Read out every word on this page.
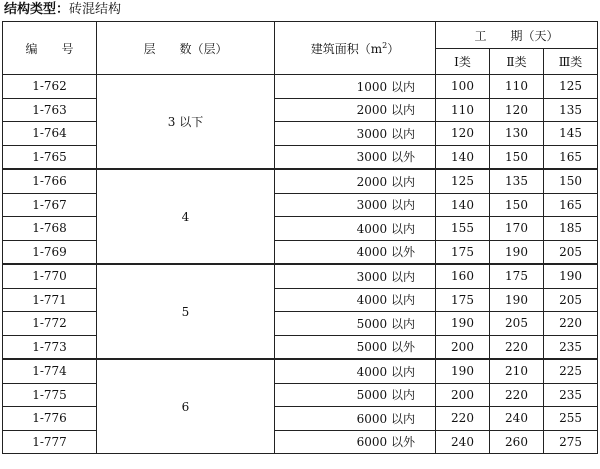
结构类型：砖混结构
编　　号	层　　数（层）	建筑面积$(m^2)$	工　　期（天）		
			Ⅰ类	Ⅱ类	Ⅲ类
1-762	3 以下	1000 以内	100	110	125
1-763		2000 以内	110	120	135
1-764		3000 以内	120	130	145
1-765		3000 以外	140	150	165
1-766	4	2000 以内	125	135	150
1-767		3000 以内	140	150	165
1-768		4000 以内	155	170	185
1-769		4000 以外	175	190	205
1-770	5	3000 以内	160	175	190
1-771		4000 以内	175	190	205
1-772		5000 以内	190	205	220
1-773		5000 以外	200	220	235
1-774	6	4000 以内	190	210	225
1-775		5000 以内	200	220	235
1-776		6000 以内	220	240	255
1-777		6000 以外	240	260	275
